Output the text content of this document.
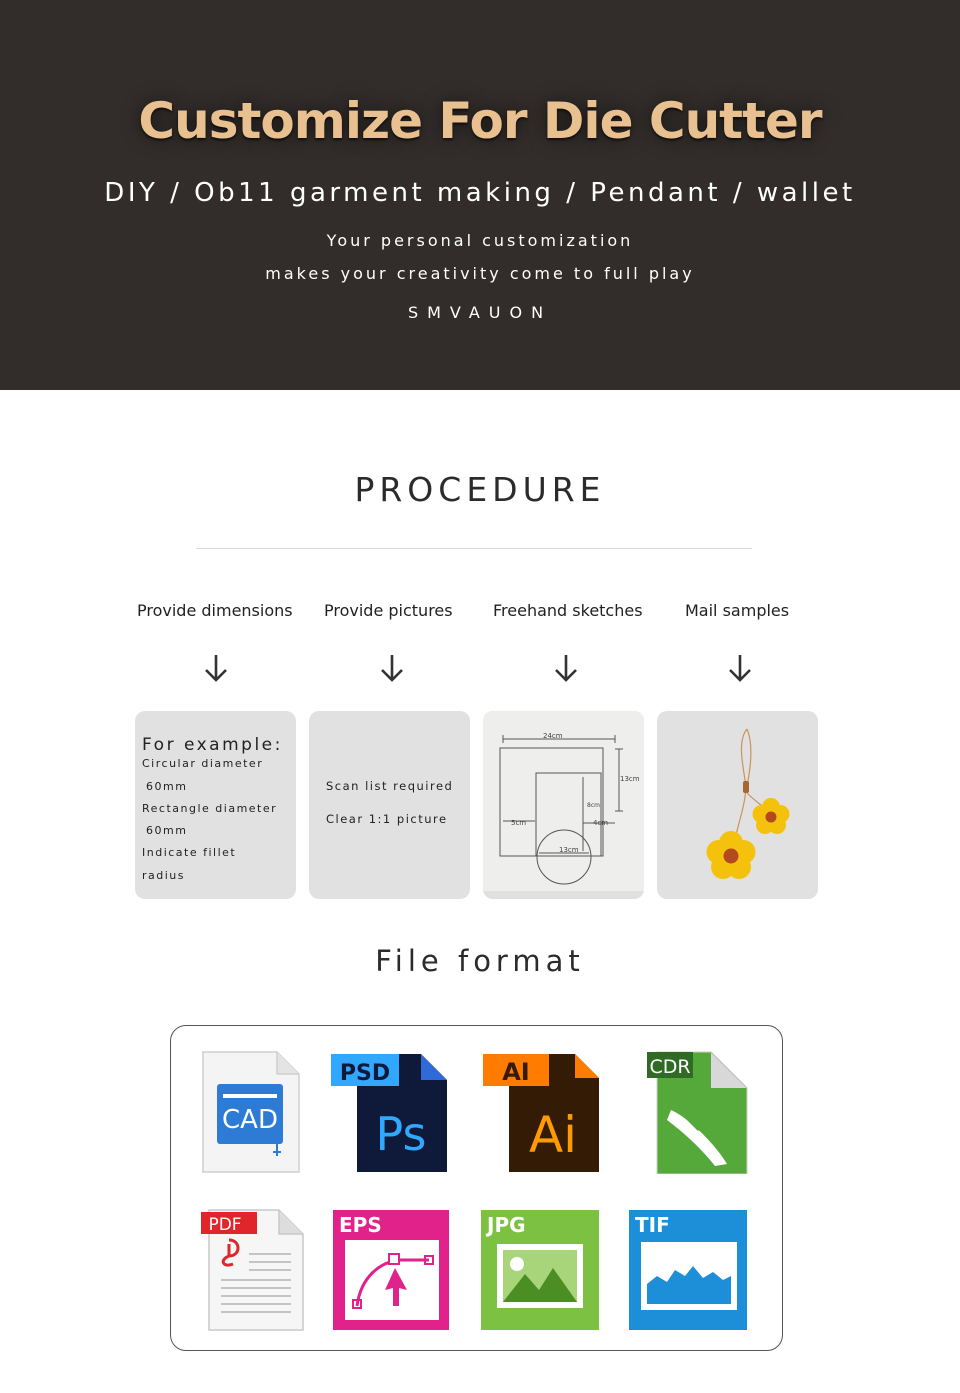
Customize For Die Cutter
DIY / Ob11 garment making / Pendant / wallet
Your personal customization
makes your creativity come to full play
SMVAUON
PROCEDURE
Provide dimensions Provide pictures	Freehand sketches	Mail samples
For example:
Circular diameter
60mm
Rectangle diameter
60mm
Indicate fillet
radius
Scan list required
Clear 1:1 picture
24cm
13cm
8cm
5cm	4cm
13cm
File format
CAD
PSD
Ps
AI
Ai
CDR
PDF	EPS	JPG	TIF
